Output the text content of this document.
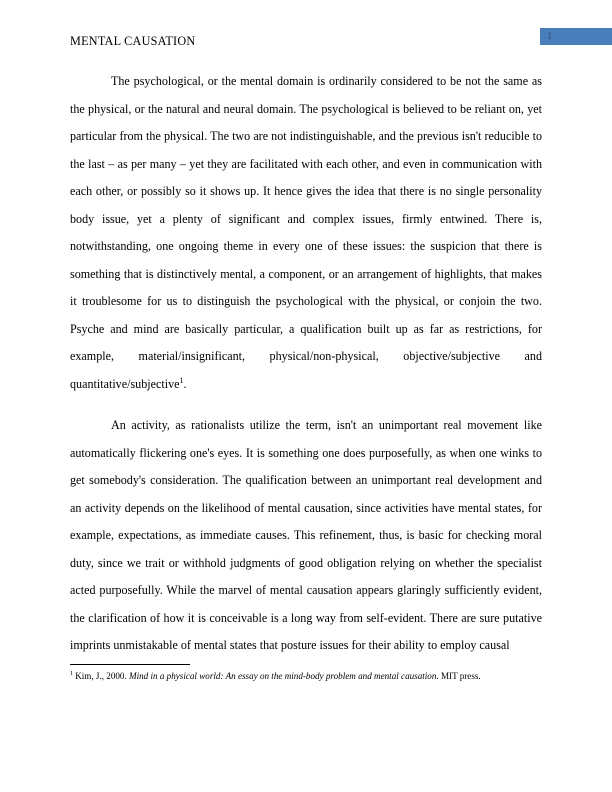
MENTAL CAUSATION	1

The psychological, or the mental domain is ordinarily considered to be not the same as the physical, or the natural and neural domain. The psychological is believed to be reliant on, yet particular from the physical. The two are not indistinguishable, and the previous isn't reducible to the last – as per many – yet they are facilitated with each other, and even in communication with each other, or possibly so it shows up. It hence gives the idea that there is no single personality body issue, yet a plenty of significant and complex issues, firmly entwined. There is, notwithstanding, one ongoing theme in every one of these issues: the suspicion that there is something that is distinctively mental, a component, or an arrangement of highlights, that makes it troublesome for us to distinguish the psychological with the physical, or conjoin the two. Psyche and mind are basically particular, a qualification built up as far as restrictions, for example, material/insignificant, physical/non-physical, objective/subjective and quantitative/subjective$^1$.

An activity, as rationalists utilize the term, isn't an unimportant real movement like automatically flickering one's eyes. It is something one does purposefully, as when one winks to get somebody's consideration. The qualification between an unimportant real development and an activity depends on the likelihood of mental causation, since activities have mental states, for example, expectations, as immediate causes. This refinement, thus, is basic for checking moral duty, since we trait or withhold judgments of good obligation relying on whether the specialist acted purposefully. While the marvel of mental causation appears glaringly sufficiently evident, the clarification of how it is conceivable is a long way from self-evident. There are sure putative imprints unmistakable of mental states that posture issues for their ability to employ causal

$^1$ Kim, J., 2000. Mind in a physical world: An essay on the mind-body problem and mental causation. MIT press.
